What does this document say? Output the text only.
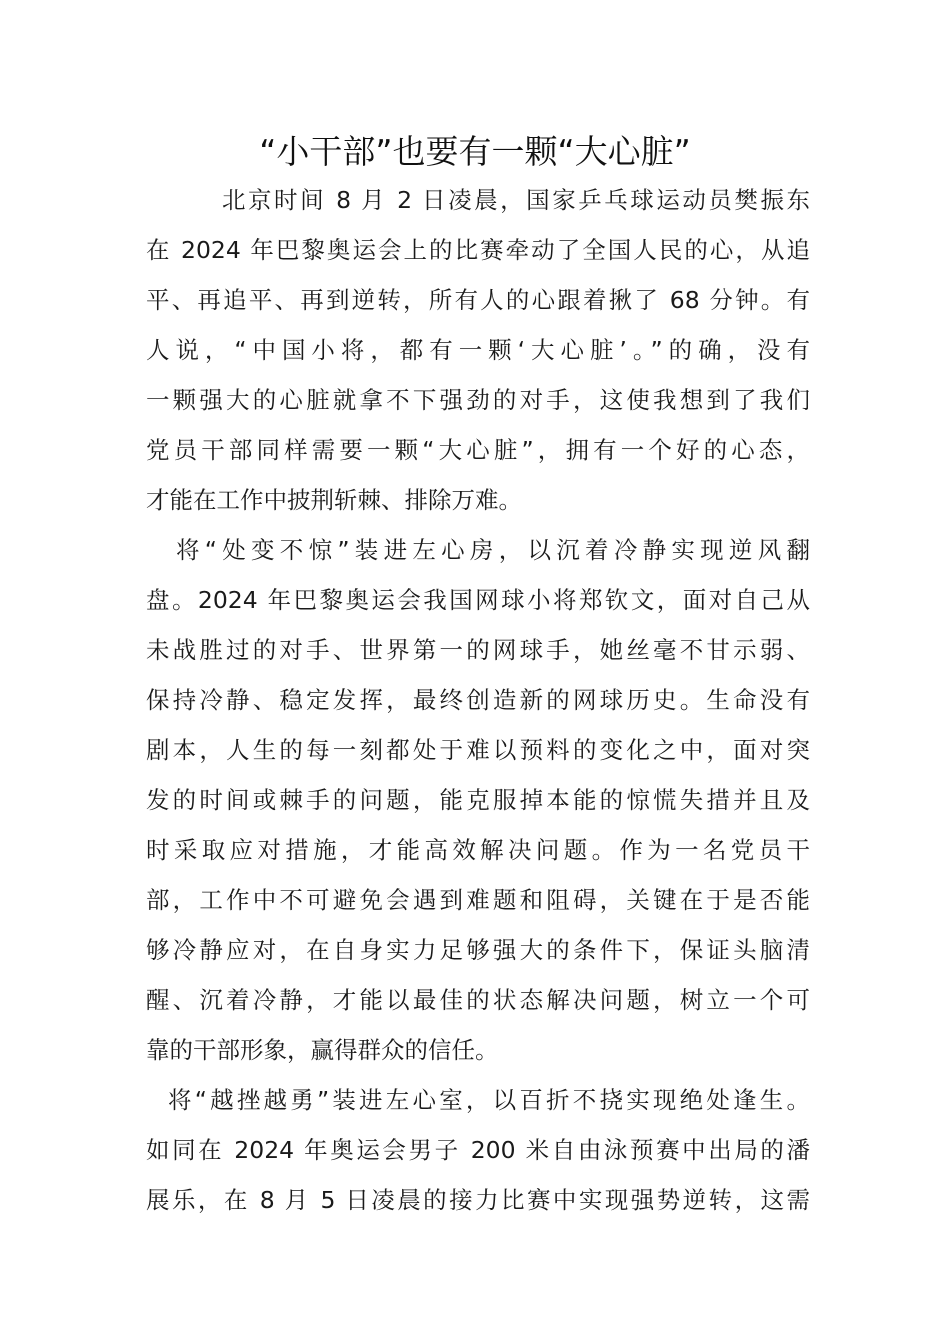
“小干部”也要有一颗“大心脏”
北京时间 8 月 2 日凌晨，国家乒乓球运动员樊振东
在 2024 年巴黎奥运会上的比赛牵动了全国人民的心，从追
平、再追平、再到逆转，所有人的心跟着揪了 68 分钟。有
人说，“中国小将，都有一颗‘大心脏’。”的确，没有
一颗强大的心脏就拿不下强劲的对手，这使我想到了我们
党员干部同样需要一颗“大心脏”，拥有一个好的心态，
才能在工作中披荆斩棘、排除万难。
将“处变不惊”装进左心房，以沉着冷静实现逆风翻
盘。2024 年巴黎奥运会我国网球小将郑钦文，面对自己从
未战胜过的对手、世界第一的网球手，她丝毫不甘示弱、
保持冷静、稳定发挥，最终创造新的网球历史。生命没有
剧本，人生的每一刻都处于难以预料的变化之中，面对突
发的时间或棘手的问题，能克服掉本能的惊慌失措并且及
时采取应对措施，才能高效解决问题。作为一名党员干
部，工作中不可避免会遇到难题和阻碍，关键在于是否能
够冷静应对，在自身实力足够强大的条件下，保证头脑清
醒、沉着冷静，才能以最佳的状态解决问题，树立一个可
靠的干部形象，赢得群众的信任。
将“越挫越勇”装进左心室，以百折不挠实现绝处逢生。
如同在 2024 年奥运会男子 200 米自由泳预赛中出局的潘
展乐，在 8 月 5 日凌晨的接力比赛中实现强势逆转，这需
